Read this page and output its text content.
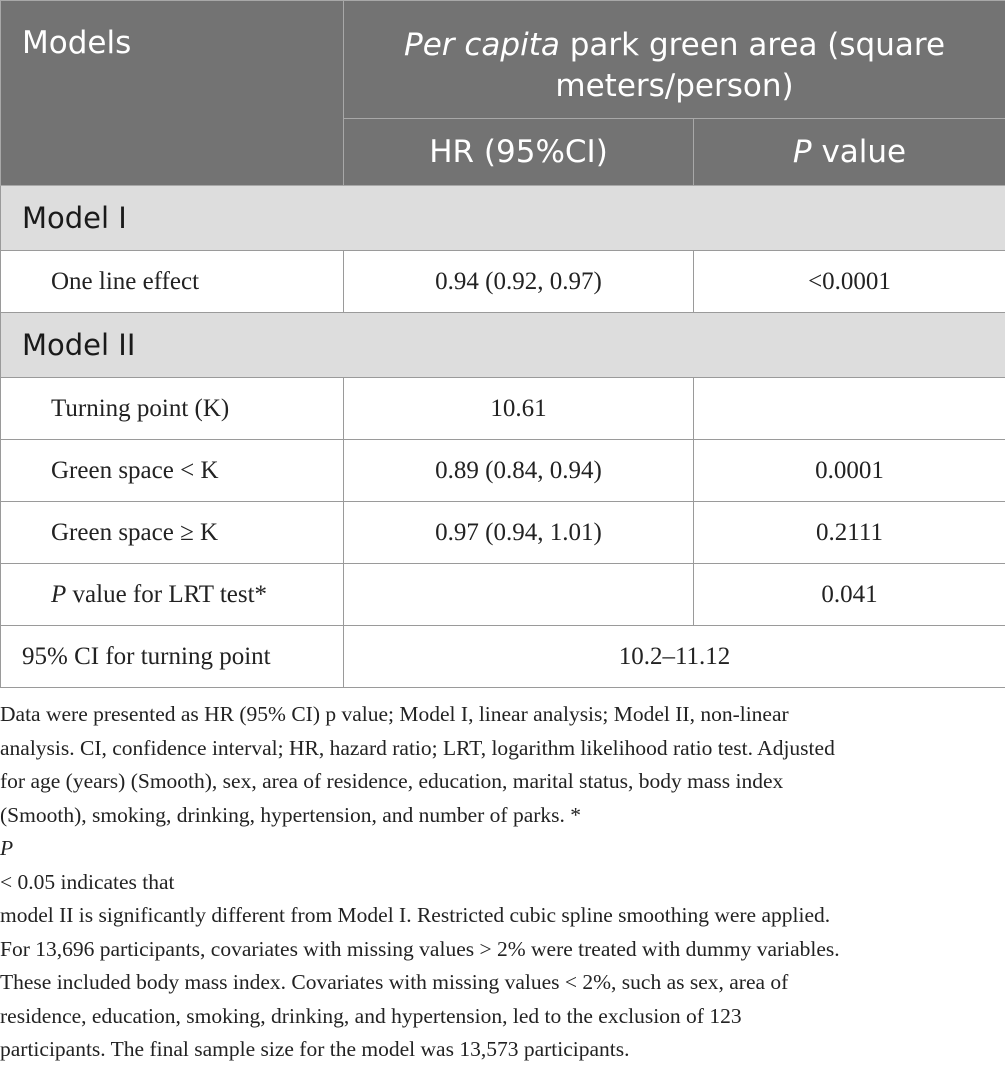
Models	Per capita park green area (square
meters/person)	
	HR (95%CI)	P value
Model I		
One line effect	0.94 (0.92, 0.97)	<0.0001
Model II		
Turning point (K)	10.61	
Green space < K	0.89 (0.84, 0.94)	0.0001
Green space ≥ K	0.97 (0.94, 1.01)	0.2111
P value for LRT test*		0.041
95% CI for turning point	10.2–11.12	
Data were presented as HR (95% CI) p value; Model I, linear analysis; Model II, non-linear
analysis. CI, confidence interval; HR, hazard ratio; LRT, logarithm likelihood ratio test. Adjusted
for age (years) (Smooth), sex, area of residence, education, marital status, body mass index
(Smooth), smoking, drinking, hypertension, and number of parks. *
P
< 0.05 indicates that
model II is significantly different from Model I. Restricted cubic spline smoothing were applied.
For 13,696 participants, covariates with missing values > 2% were treated with dummy variables.
These included body mass index. Covariates with missing values < 2%, such as sex, area of
residence, education, smoking, drinking, and hypertension, led to the exclusion of 123
participants. The final sample size for the model was 13,573 participants.
